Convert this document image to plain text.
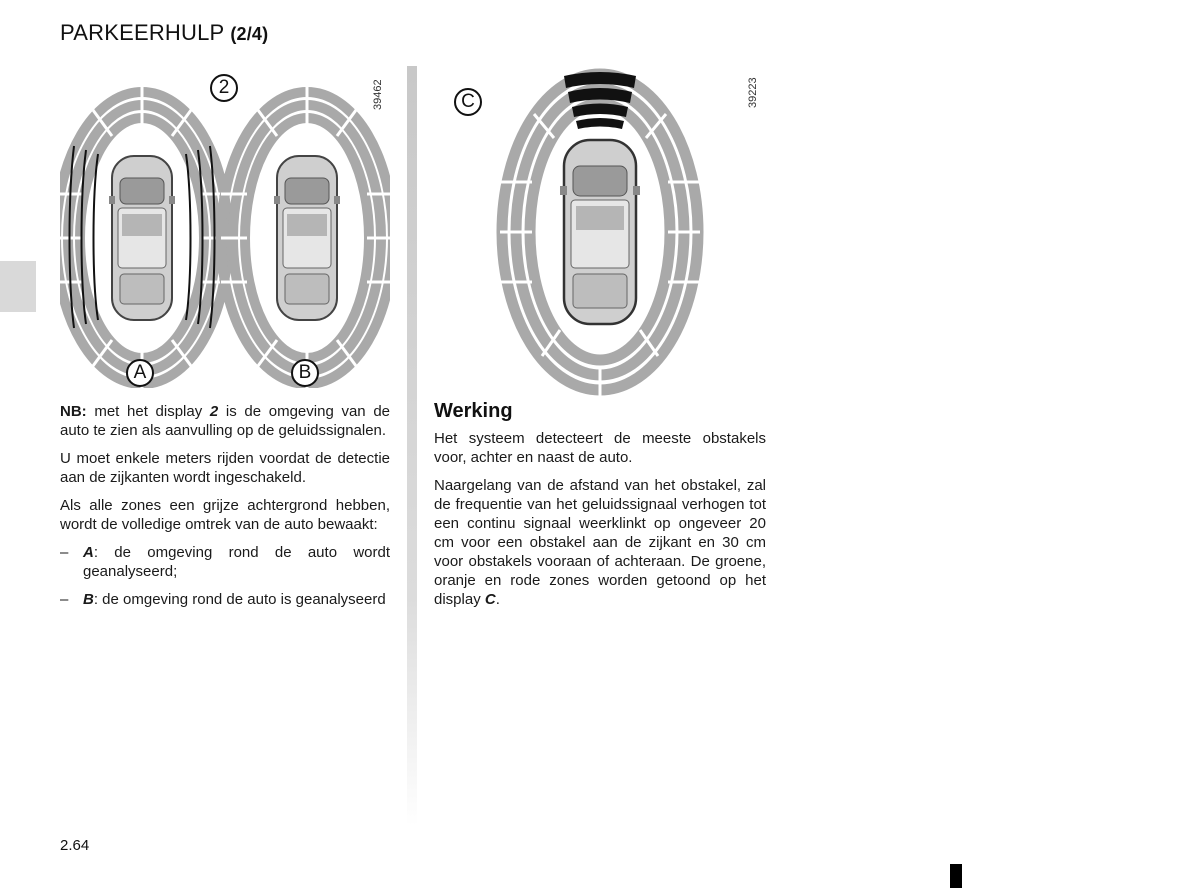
PARKEERHULP (2/4)
2
A	B
39462	C	39223

NB: met het display 2 is de omgeving van de auto te zien als aanvulling op de geluidssignalen.

U moet enkele meters rijden voordat de detectie aan de zijkanten wordt ingeschakeld.

Als alle zones een grijze achtergrond hebben, wordt de volledige omtrek van de auto bewaakt:

– A: de omgeving rond de auto wordt geanalyseerd;
– B: de omgeving rond de auto is geanalyseerd
Werking

Het systeem detecteert de meeste obstakels voor, achter en naast de auto.

Naargelang van de afstand van het obstakel, zal de frequentie van het geluidssignaal verhogen tot een continu signaal weerklinkt op ongeveer 20 cm voor een obstakel aan de zijkant en 30 cm voor obstakels vooraan of achteraan. De groene, oranje en rode zones worden getoond op het display C.

2.64
